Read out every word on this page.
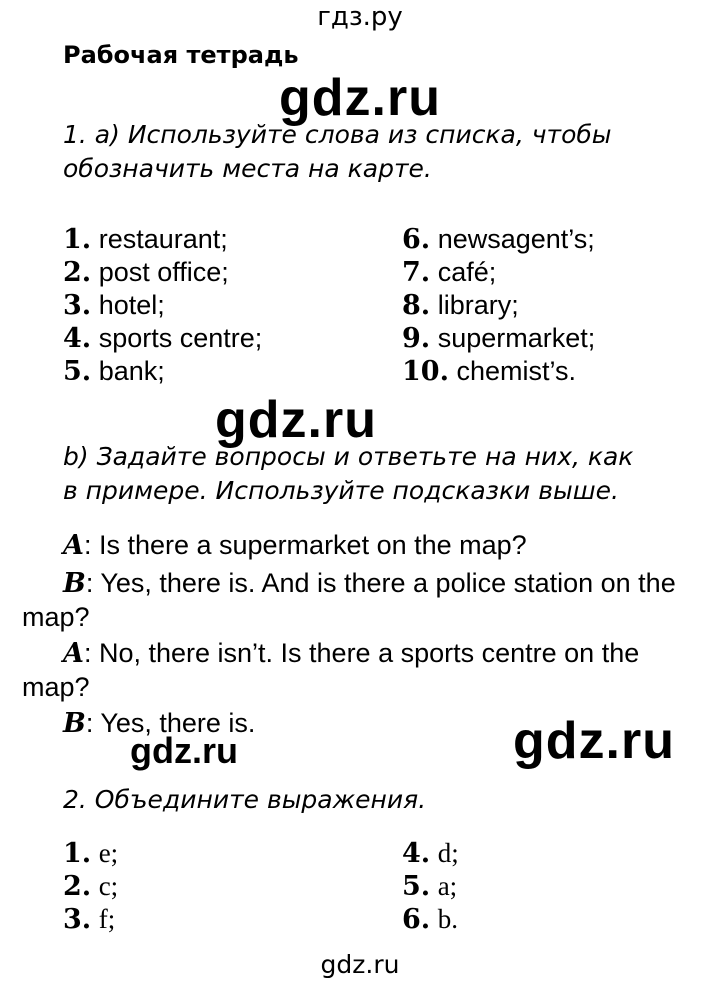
гдз.ру
gdz.ru
gdz.ru
gdz.ru
gdz.ru
gdz.ru
Рабочая тетрадь
1. a) Используйте слова из списка, чтобы
обозначить места на карте.
1. restaurant;
2. post office;
3. hotel;
4. sports centre;
5. bank;
6. newsagent’s;
7. café;
8. library;
9. supermarket;
10. chemist’s.
b) Задайте вопросы и ответьте на них, как
в примере. Используйте подсказки выше.
A: Is there a supermarket on the map?
B: Yes, there is. And is there a police station on the
map?
A: No, there isn’t. Is there a sports centre on the
map?
B: Yes, there is.
2. Объедините выражения.
1. e;
2. c;
3. f;
4. d;
5. a;
6. b.
